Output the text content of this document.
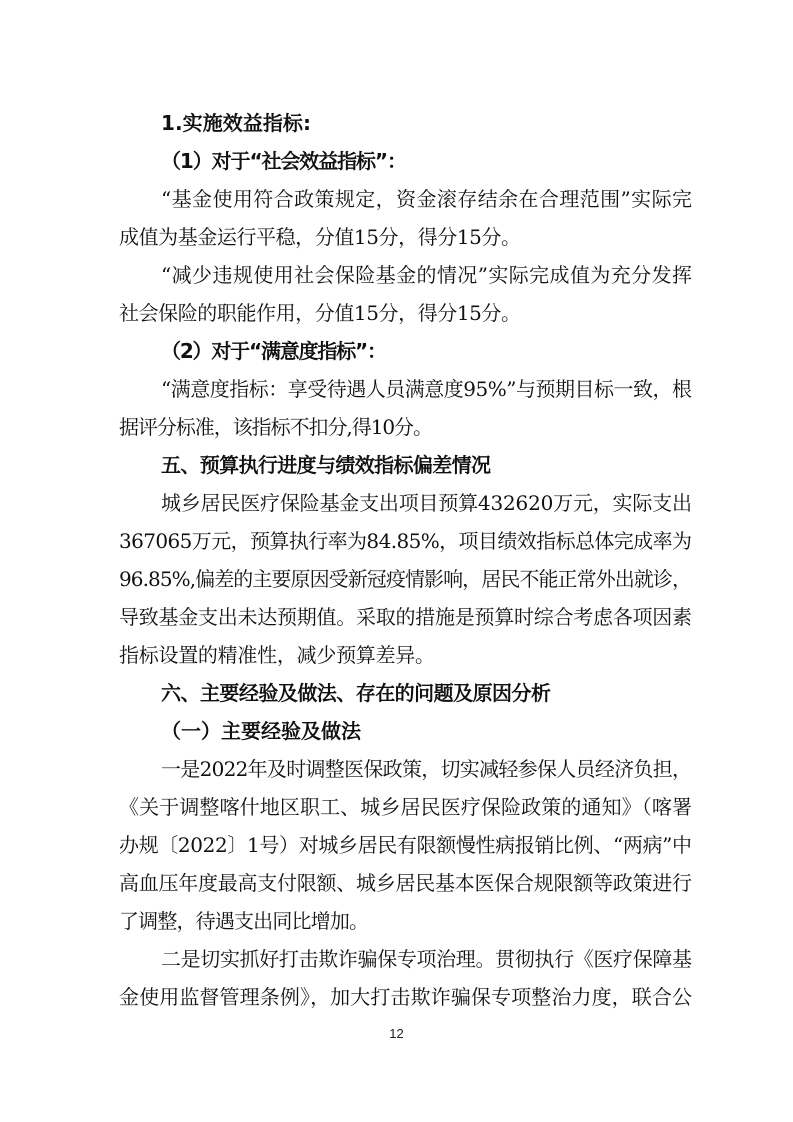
1.实施效益指标:
（1）对于“社会效益指标”：
“基金使用符合政策规定，资金滚存结余在合理范围”实际完
成值为基金运行平稳，分值15分，得分15分。
“减少违规使用社会保险基金的情况”实际完成值为充分发挥
社会保险的职能作用，分值15分，得分15分。
（2）对于“满意度指标”：
“满意度指标：享受待遇人员满意度95%”与预期目标一致，根
据评分标准，该指标不扣分,得10分。
五、预算执行进度与绩效指标偏差情况
城乡居民医疗保险基金支出项目预算432620万元，实际支出
367065万元，预算执行率为84.85%，项目绩效指标总体完成率为
96.85%,偏差的主要原因受新冠疫情影响，居民不能正常外出就诊，
导致基金支出未达预期值。采取的措施是预算时综合考虑各项因素
指标设置的精准性，减少预算差异。
六、主要经验及做法、存在的问题及原因分析
（一）主要经验及做法
一是2022年及时调整医保政策，切实减轻参保人员经济负担，
《关于调整喀什地区职工、城乡居民医疗保险政策的通知》（喀署
办规〔2022〕1号）对城乡居民有限额慢性病报销比例、“两病”中
高血压年度最高支付限额、城乡居民基本医保合规限额等政策进行
了调整，待遇支出同比增加。
二是切实抓好打击欺诈骗保专项治理。贯彻执行《医疗保障基
金使用监督管理条例》，加大打击欺诈骗保专项整治力度，联合公
12
